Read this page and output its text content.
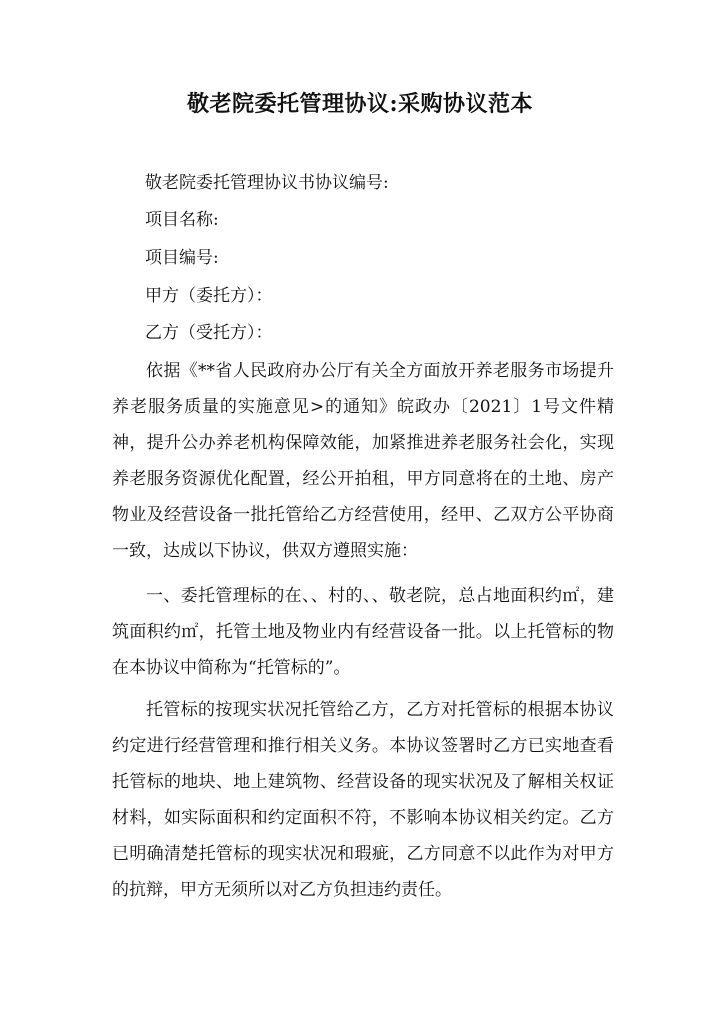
敬老院委托管理协议:采购协议范本
敬老院委托管理协议书协议编号:
项目名称:
项目编号:
甲方（委托方）：
乙方（受托方）：
依据《**省人民政府办公厅有关全方面放开养老服务市场提升养老服务质量的实施意见>的通知》皖政办〔2021〕1号文件精神，提升公办养老机构保障效能，加紧推进养老服务社会化，实现养老服务资源优化配置，经公开拍租，甲方同意将在的土地、房产物业及经营设备一批托管给乙方经营使用，经甲、乙双方公平协商一致，达成以下协议，供双方遵照实施：
一、委托管理标的在、、村的、、敬老院，总占地面积约㎡，建筑面积约㎡，托管土地及物业内有经营设备一批。以上托管标的物在本协议中简称为“托管标的”。
托管标的按现实状况托管给乙方，乙方对托管标的根据本协议约定进行经营管理和推行相关义务。本协议签署时乙方已实地查看托管标的地块、地上建筑物、经营设备的现实状况及了解相关权证材料，如实际面积和约定面积不符，不影响本协议相关约定。乙方已明确清楚托管标的现实状况和瑕疵，乙方同意不以此作为对甲方的抗辩，甲方无须所以对乙方负担违约责任。
